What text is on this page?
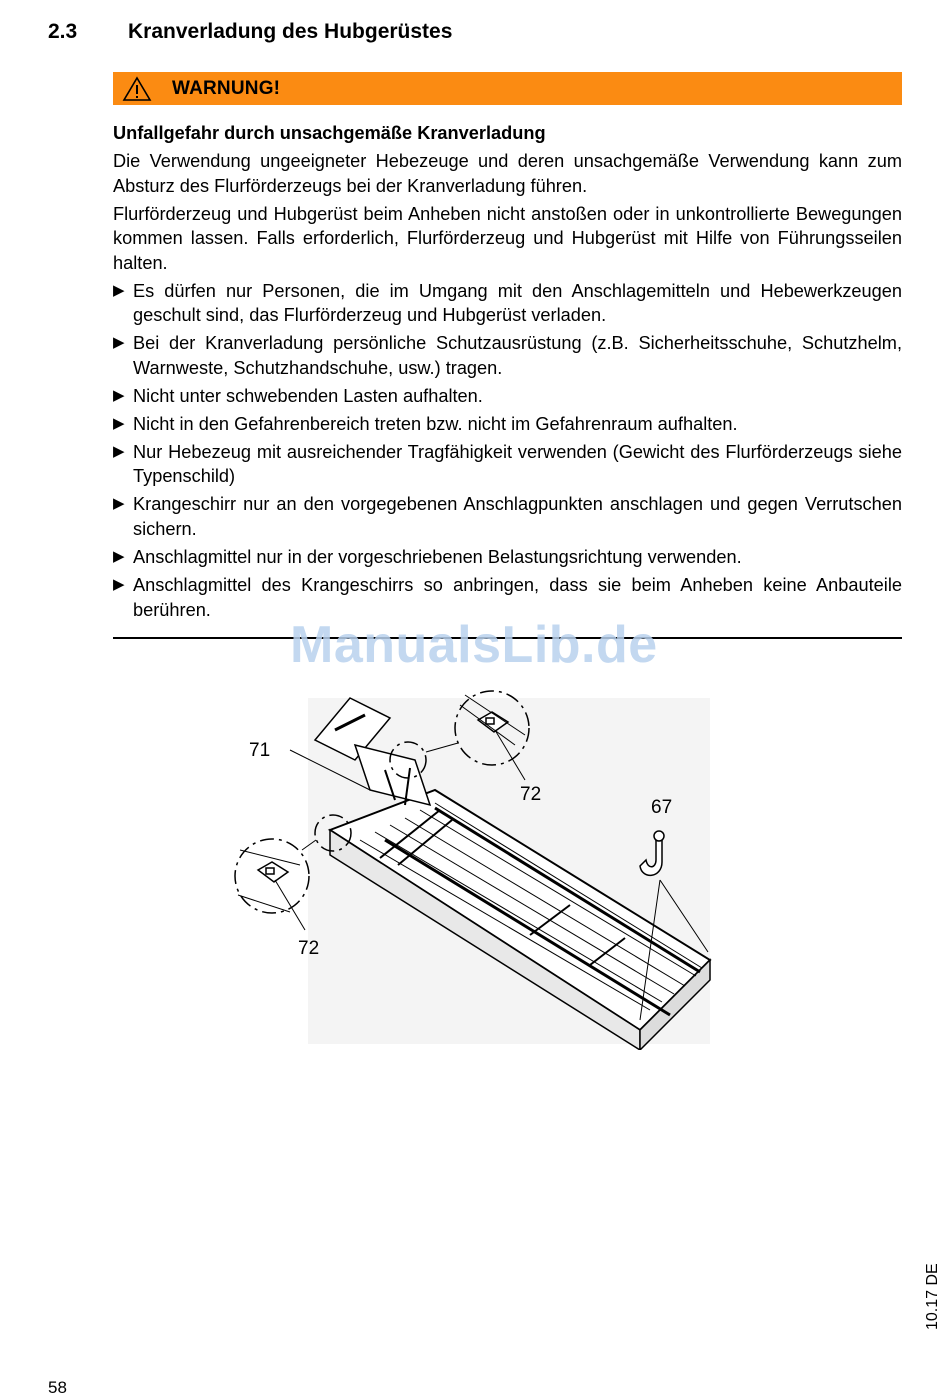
2.3 Kranverladung des Hubgerüstes
WARNUNG!

Unfallgefahr durch unsachgemäße Kranverladung

Die Verwendung ungeeigneter Hebezeuge und deren unsachgemäße Verwendung kann zum Absturz des Flurförderzeugs bei der Kranverladung führen.

Flurförderzeug und Hubgerüst beim Anheben nicht anstoßen oder in unkontrollierte Bewegungen kommen lassen. Falls erforderlich, Flurförderzeug und Hubgerüst mit Hilfe von Führungsseilen halten.

▶ Es dürfen nur Personen, die im Umgang mit den Anschlagemitteln und Hebewerkzeugen geschult sind, das Flurförderzeug und Hubgerüst verladen.
▶ Bei der Kranverladung persönliche Schutzausrüstung (z.B. Sicherheitsschuhe, Schutzhelm, Warnweste, Schutzhandschuhe, usw.) tragen.
▶ Nicht unter schwebenden Lasten aufhalten.
▶ Nicht in den Gefahrenbereich treten bzw. nicht im Gefahrenraum aufhalten.
▶ Nur Hebezeug mit ausreichender Tragfähigkeit verwenden (Gewicht des Flurförderzeugs siehe Typenschild)
▶ Krangeschirr nur an den vorgegebenen Anschlagpunkten anschlagen und gegen Verrutschen sichern.
▶ Anschlagmittel nur in der vorgeschriebenen Belastungsrichtung verwenden.
▶ Anschlagmittel des Krangeschirrs so anbringen, dass sie beim Anheben keine Anbauteile berühren.
ManualsLib.de
71
72
67
72
10.17 DE
58
